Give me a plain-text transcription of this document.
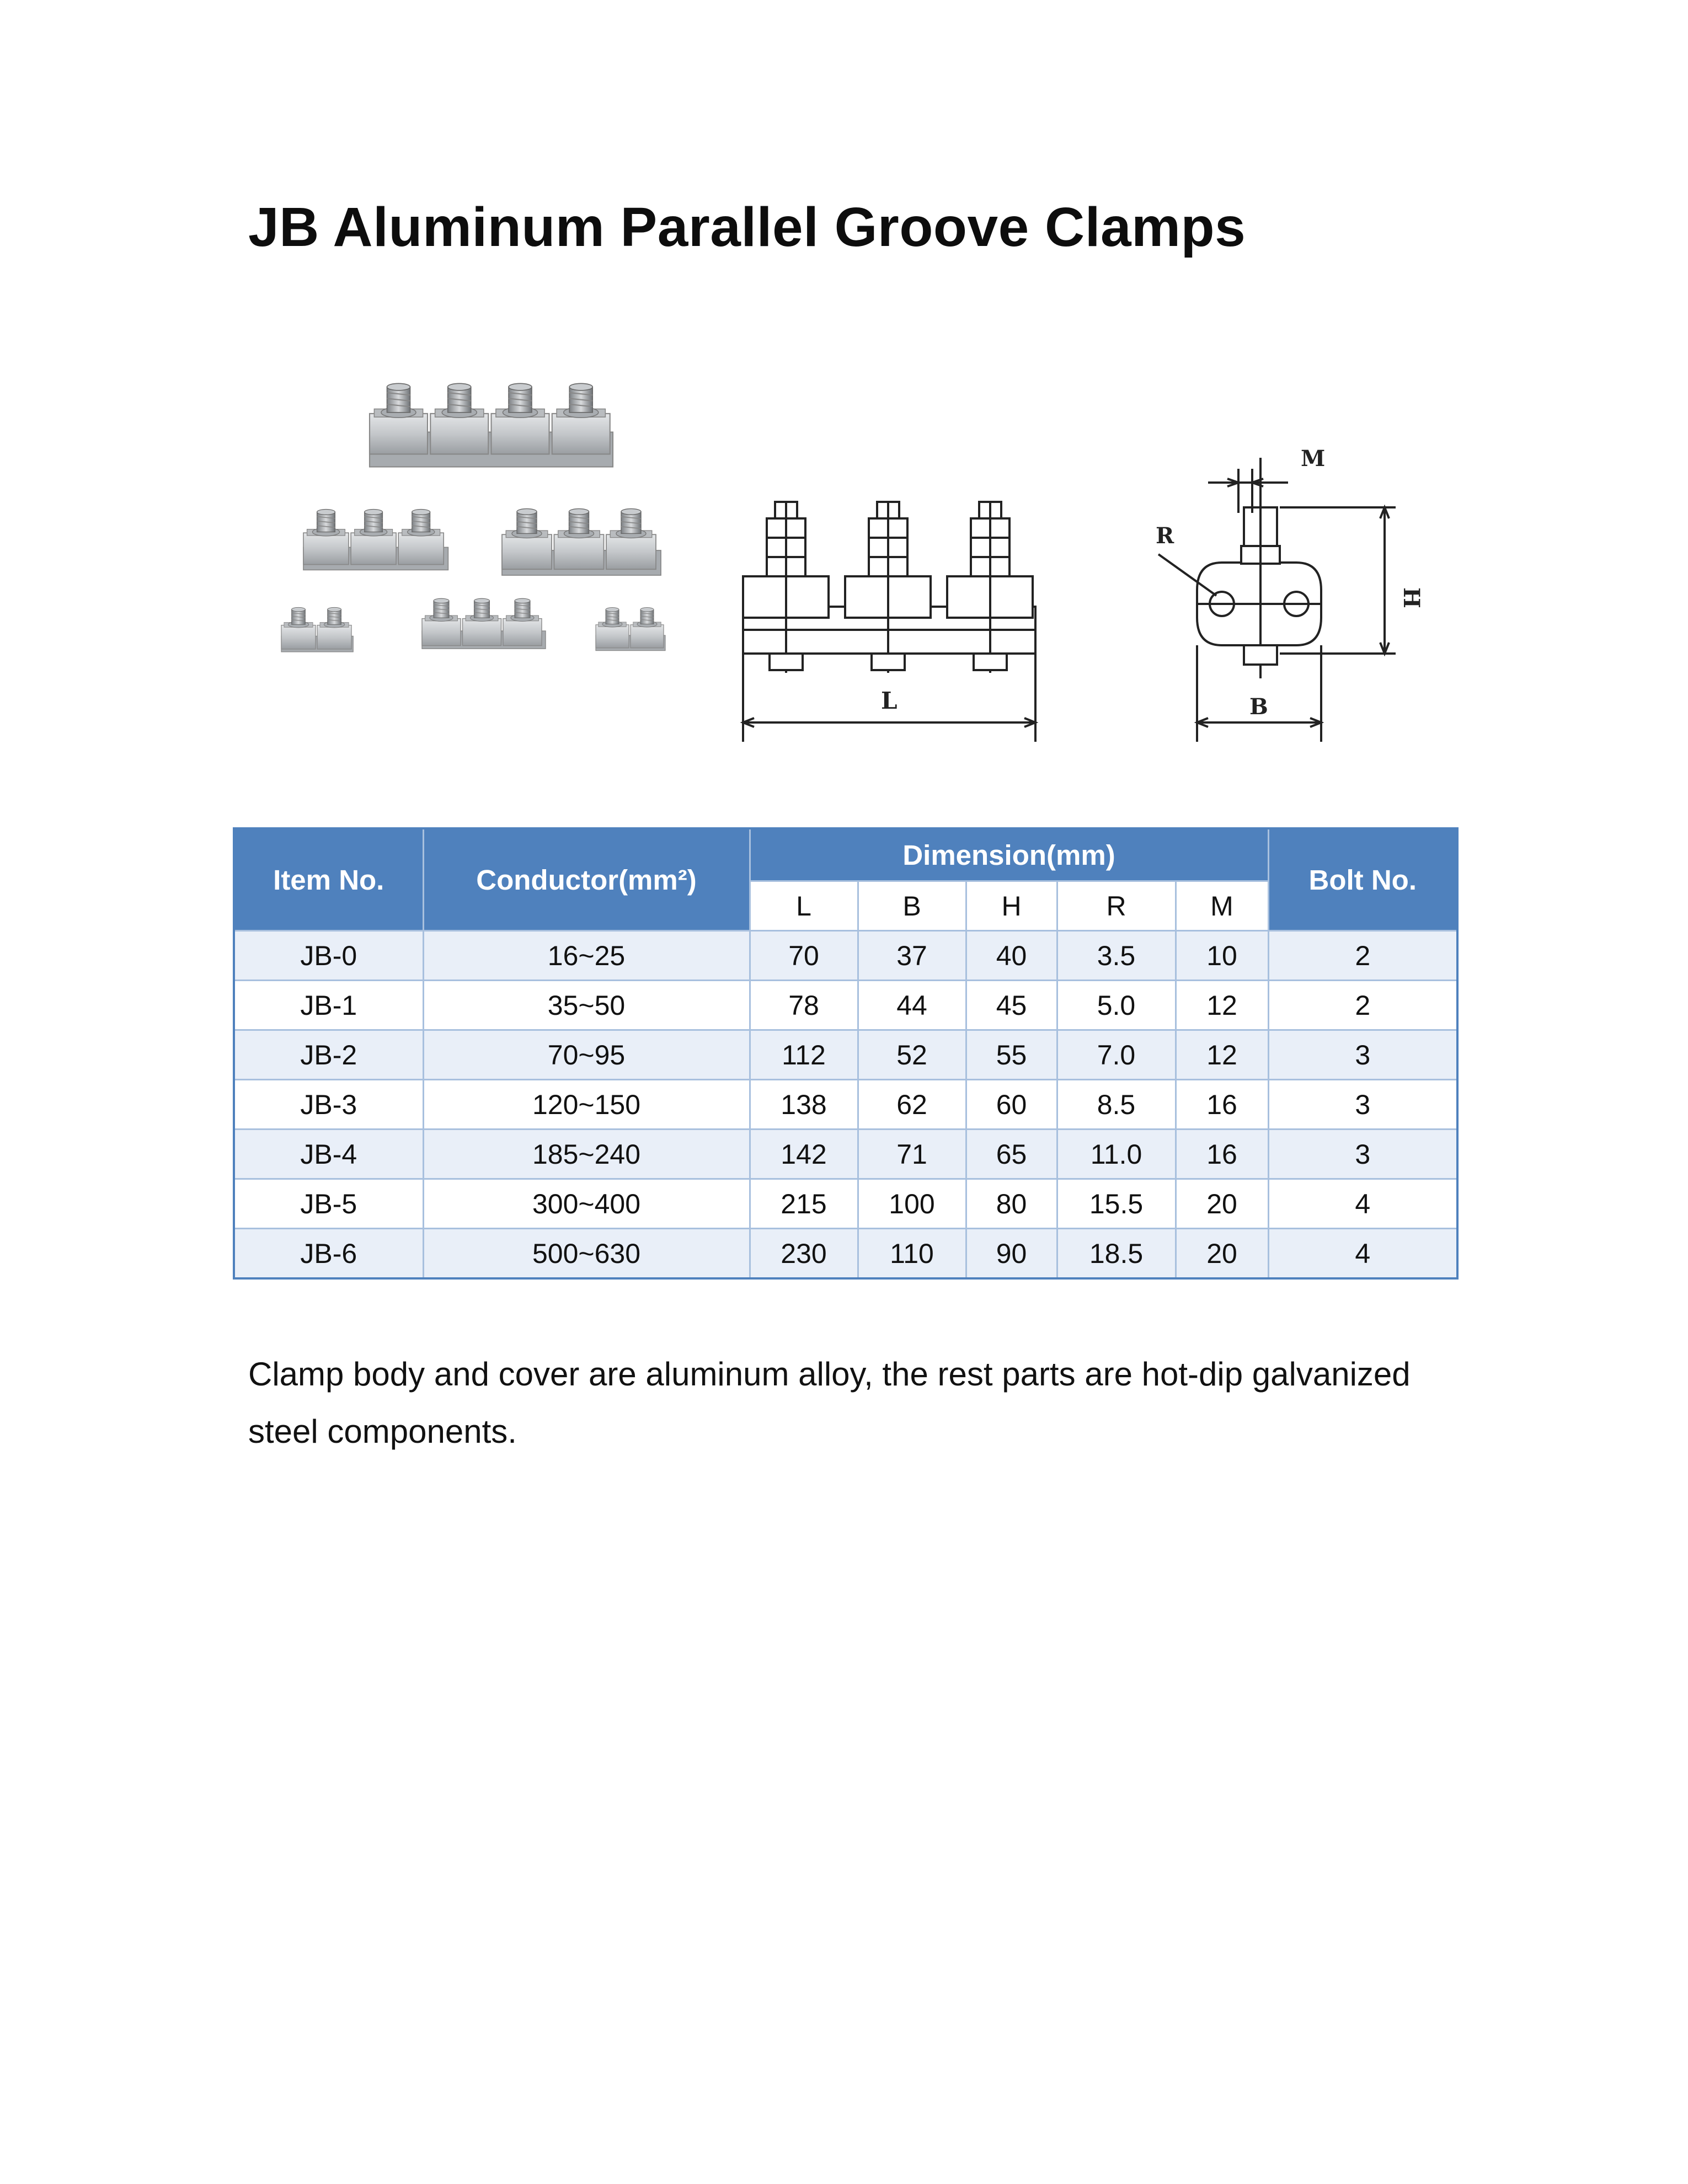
JB Aluminum Parallel Groove Clamps
L
M
R
H
B
Item No.	Conductor(mm²)	Dimension(mm)					Bolt No.
		L	B	H	R	M	
JB-0	16~25	70	37	40	3.5	10	2
JB-1	35~50	78	44	45	5.0	12	2
JB-2	70~95	112	52	55	7.0	12	3
JB-3	120~150	138	62	60	8.5	16	3
JB-4	185~240	142	71	65	11.0	16	3
JB-5	300~400	215	100	80	15.5	20	4
JB-6	500~630	230	110	90	18.5	20	4

Clamp body and cover are aluminum alloy, the rest parts are hot-dip galvanized steel components.
